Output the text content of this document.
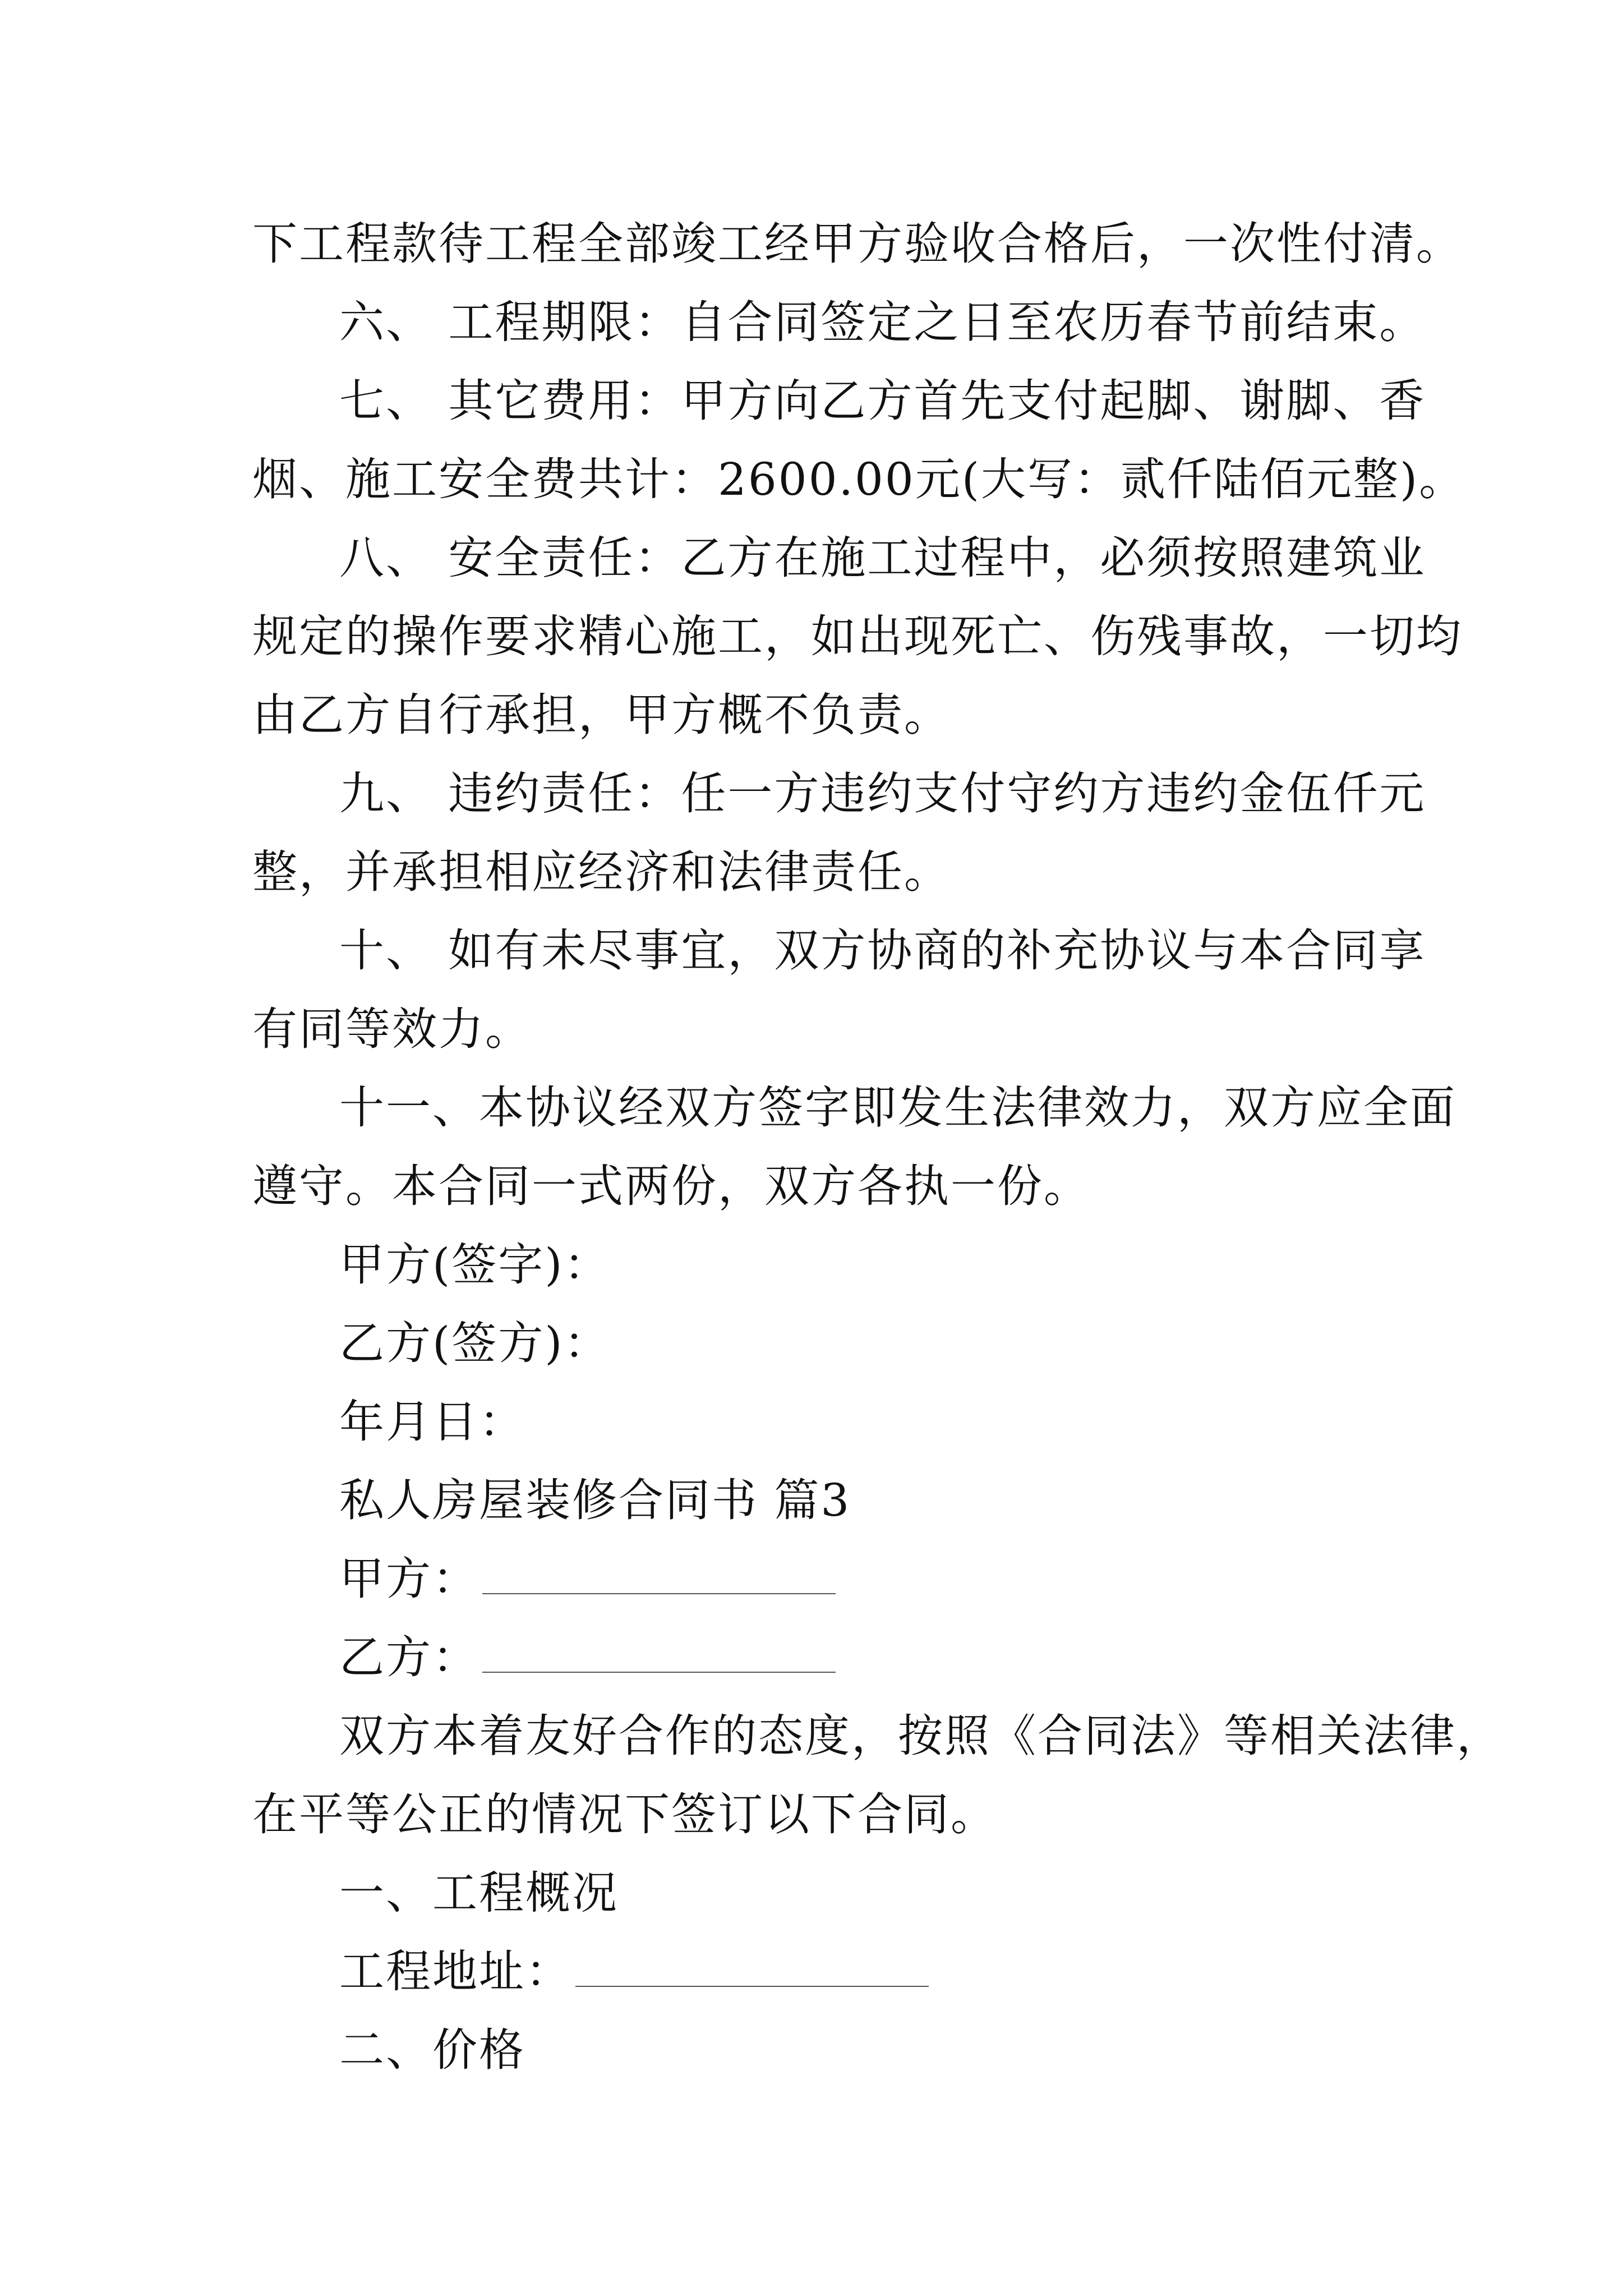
下工程款待工程全部竣工经甲方验收合格后，一次性付清。
六、 工程期限：自合同签定之日至农历春节前结束。
七、 其它费用：甲方向乙方首先支付起脚、谢脚、香
烟、施工安全费共计：2600.00元(大写：贰仟陆佰元整)。
八、 安全责任：乙方在施工过程中，必须按照建筑业
规定的操作要求精心施工，如出现死亡、伤残事故，一切均
由乙方自行承担，甲方概不负责。
九、 违约责任：任一方违约支付守约方违约金伍仟元
整，并承担相应经济和法律责任。
十、 如有未尽事宜，双方协商的补充协议与本合同享
有同等效力。
十一、本协议经双方签字即发生法律效力，双方应全面
遵守。本合同一式两份，双方各执一份。
甲方(签字)：
乙方(签方)：
年月日：
私人房屋装修合同书 篇3
甲方：
乙方：
双方本着友好合作的态度，按照《合同法》等相关法律，
在平等公正的情况下签订以下合同。
一、工程概况
工程地址：
二、价格
